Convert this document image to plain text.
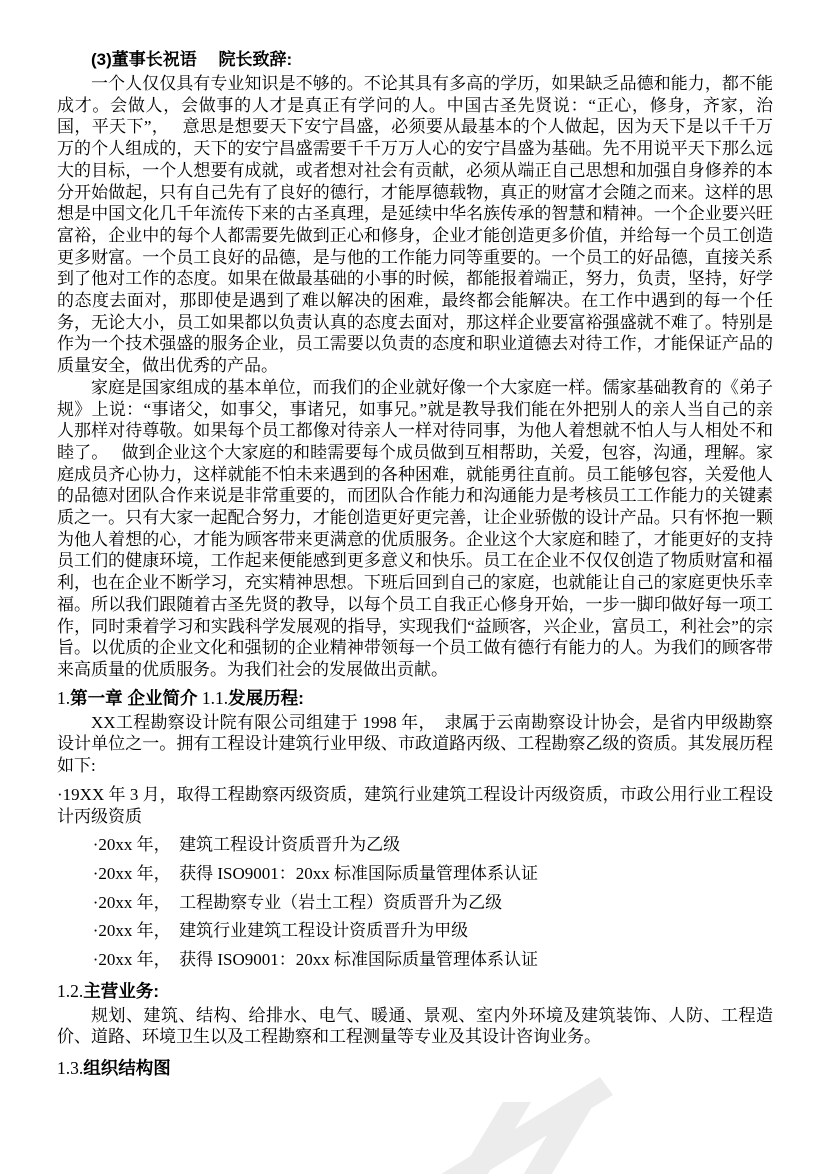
(3)董事长祝语　 院长致辞:

一个人仅仅具有专业知识是不够的。不论其具有多高的学历，如果缺乏品德和能力，都不能成才。会做人，会做事的人才是真正有学问的人。中国古圣先贤说：“正心，修身，齐家，治国，平天下”，　 意思是想要天下安宁昌盛，必须要从最基本的个人做起，因为天下是以千千万万的个人组成的，天下的安宁昌盛需要千千万万人心的安宁昌盛为基础。先不用说平天下那么远大的目标，一个人想要有成就，或者想对社会有贡献，必须从端正自己思想和加强自身修养的本分开始做起，只有自己先有了良好的德行，才能厚德载物，真正的财富才会随之而来。这样的思想是中国文化几千年流传下来的古圣真理，是延续中华名族传承的智慧和精神。一个企业要兴旺富裕，企业中的每个人都需要先做到正心和修身，企业才能创造更多价值，并给每一个员工创造更多财富。一个员工良好的品德，是与他的工作能力同等重要的。一个员工的好品德，直接关系到了他对工作的态度。如果在做最基础的小事的时候，都能报着端正，努力，负责，坚持，好学的态度去面对，那即使是遇到了难以解决的困难，最终都会能解决。在工作中遇到的每一个任务，无论大小，员工如果都以负责认真的态度去面对，那这样企业要富裕强盛就不难了。特别是作为一个技术强盛的服务企业，员工需要以负责的态度和职业道德去对待工作，才能保证产品的质量安全，做出优秀的产品。

家庭是国家组成的基本单位，而我们的企业就好像一个大家庭一样。儒家基础教育的《弟子规》上说：“事诸父，如事父，事诸兄，如事兄。”就是教导我们能在外把别人的亲人当自己的亲人那样对待尊敬。如果每个员工都像对待亲人一样对待同事，为他人着想就不怕人与人相处不和睦了。　 做到企业这个大家庭的和睦需要每个成员做到互相帮助，关爱，包容，沟通，理解。家庭成员齐心协力，这样就能不怕未来遇到的各种困难，就能勇往直前。员工能够包容，关爱他人的品德对团队合作来说是非常重要的，而团队合作能力和沟通能力是考核员工工作能力的关键素质之一。只有大家一起配合努力，才能创造更好更完善，让企业骄傲的设计产品。只有怀抱一颗为他人着想的心，才能为顾客带来更满意的优质服务。企业这个大家庭和睦了，才能更好的支持员工们的健康环境，工作起来便能感到更多意义和快乐。员工在企业不仅仅创造了物质财富和福利，也在企业不断学习，充实精神思想。下班后回到自己的家庭，也就能让自己的家庭更快乐幸福。所以我们跟随着古圣先贤的教导，以每个员工自我正心修身开始，一步一脚印做好每一项工作，同时秉着学习和实践科学发展观的指导，实现我们“益顾客，兴企业，富员工，利社会”的宗旨。以优质的企业文化和强韧的企业精神带领每一个员工做有德行有能力的人。为我们的顾客带来高质量的优质服务。为我们社会的发展做出贡献。

1.第一章 企业简介 1.1.发展历程:

XX工程勘察设计院有限公司组建于 1998 年，　隶属于云南勘察设计协会，是省内甲级勘察设计单位之一。拥有工程设计建筑行业甲级、市政道路丙级、工程勘察乙级的资质。其发展历程如下:

·19XX 年 3 月，取得工程勘察丙级资质，建筑行业建筑工程设计丙级资质，市政公用行业工程设计丙级资质

·20xx 年，　建筑工程设计资质晋升为乙级

·20xx 年，　获得 ISO9001：20xx 标准国际质量管理体系认证

·20xx 年，　工程勘察专业（岩土工程）资质晋升为乙级

·20xx 年，　建筑行业建筑工程设计资质晋升为甲级

·20xx 年，　获得 ISO9001：20xx 标准国际质量管理体系认证

1.2.主营业务:

规划、建筑、结构、给排水、电气、暖通、景观、室内外环境及建筑装饰、人防、工程造价、道路、环境卫生以及工程勘察和工程测量等专业及其设计咨询业务。

1.3.组织结构图
